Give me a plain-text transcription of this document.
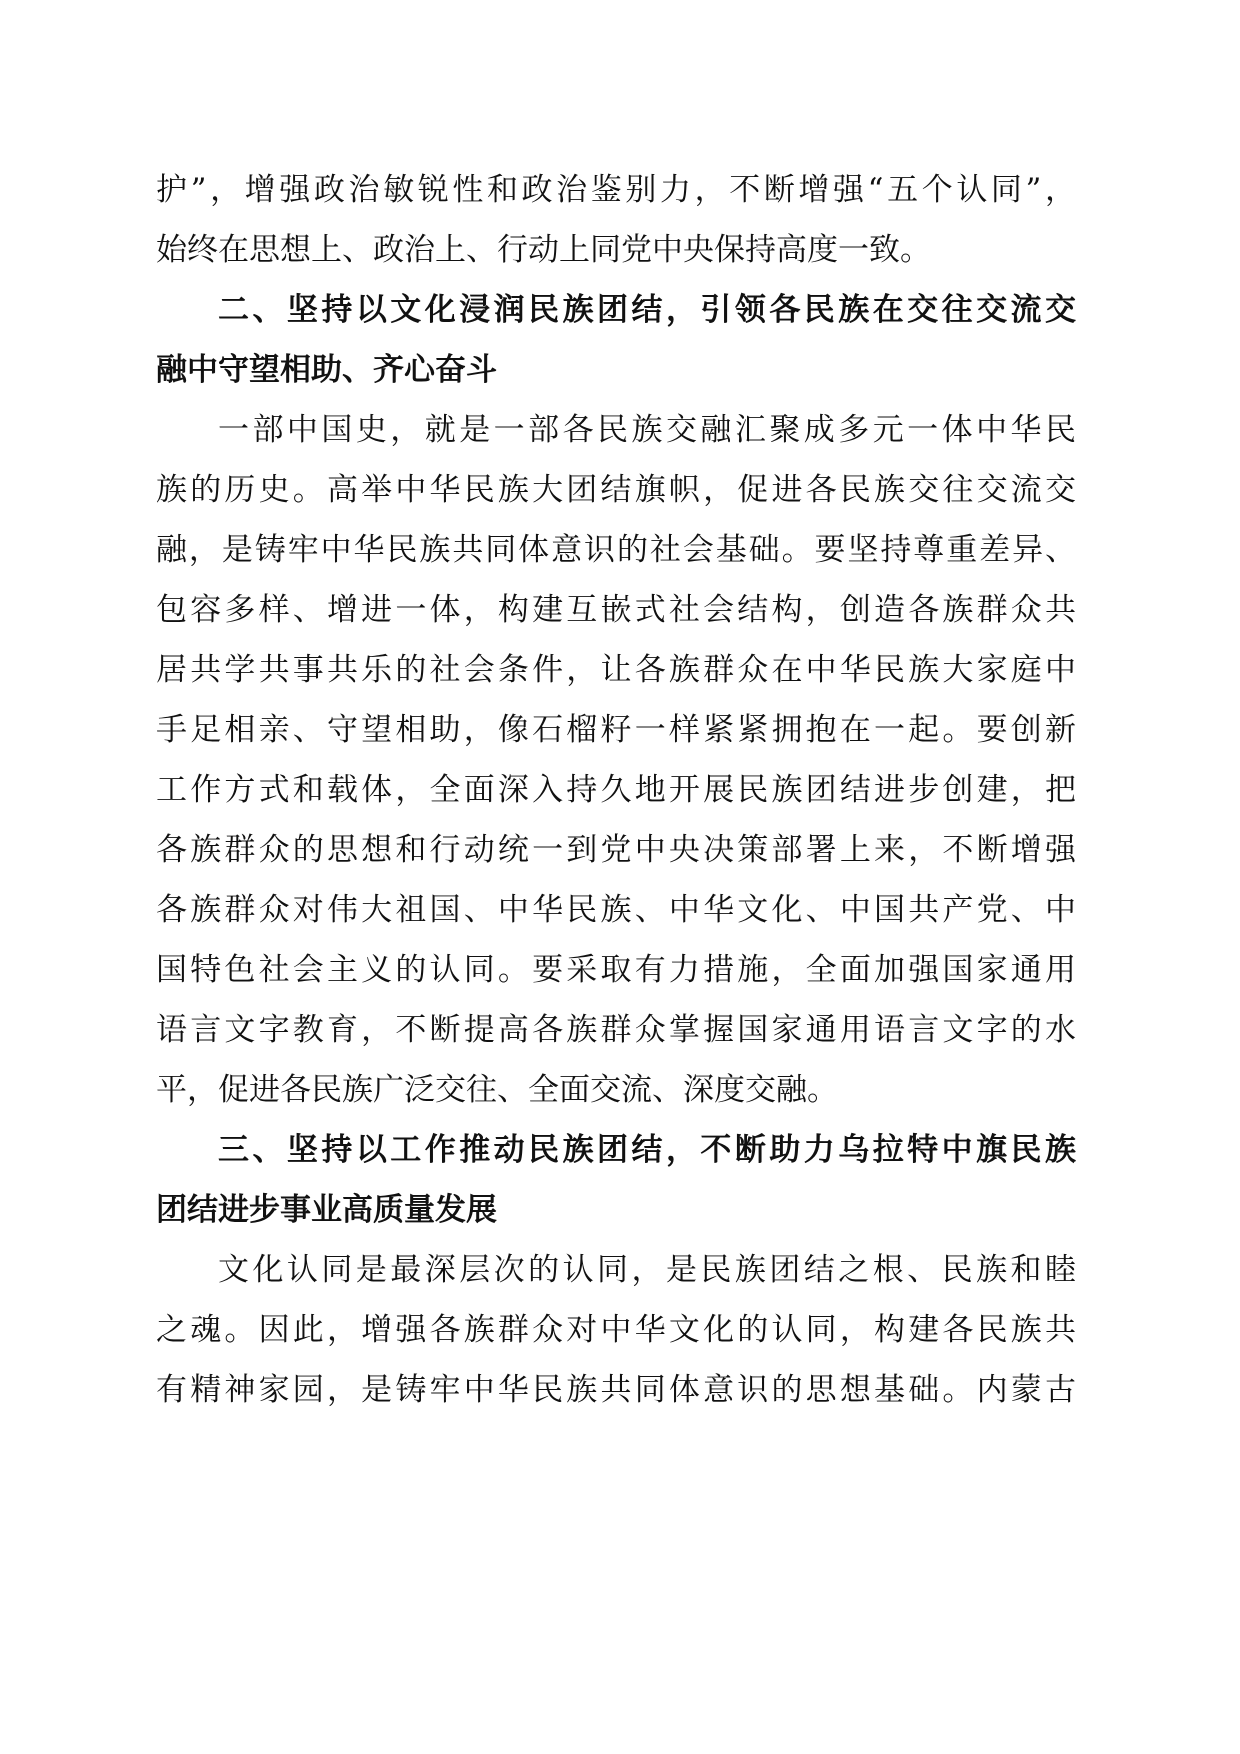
护”，增强政治敏锐性和政治鉴别力，不断增强“五个认同”，
始终在思想上、政治上、行动上同党中央保持高度一致。
二、坚持以文化浸润民族团结，引领各民族在交往交流交
融中守望相助、齐心奋斗
一部中国史，就是一部各民族交融汇聚成多元一体中华民
族的历史。高举中华民族大团结旗帜，促进各民族交往交流交
融，是铸牢中华民族共同体意识的社会基础。要坚持尊重差异、
包容多样、增进一体，构建互嵌式社会结构，创造各族群众共
居共学共事共乐的社会条件，让各族群众在中华民族大家庭中
手足相亲、守望相助，像石榴籽一样紧紧拥抱在一起。要创新
工作方式和载体，全面深入持久地开展民族团结进步创建，把
各族群众的思想和行动统一到党中央决策部署上来，不断增强
各族群众对伟大祖国、中华民族、中华文化、中国共产党、中
国特色社会主义的认同。要采取有力措施，全面加强国家通用
语言文字教育，不断提高各族群众掌握国家通用语言文字的水
平，促进各民族广泛交往、全面交流、深度交融。
三、坚持以工作推动民族团结，不断助力乌拉特中旗民族
团结进步事业高质量发展
文化认同是最深层次的认同，是民族团结之根、民族和睦
之魂。因此，增强各族群众对中华文化的认同，构建各民族共
有精神家园，是铸牢中华民族共同体意识的思想基础。内蒙古
